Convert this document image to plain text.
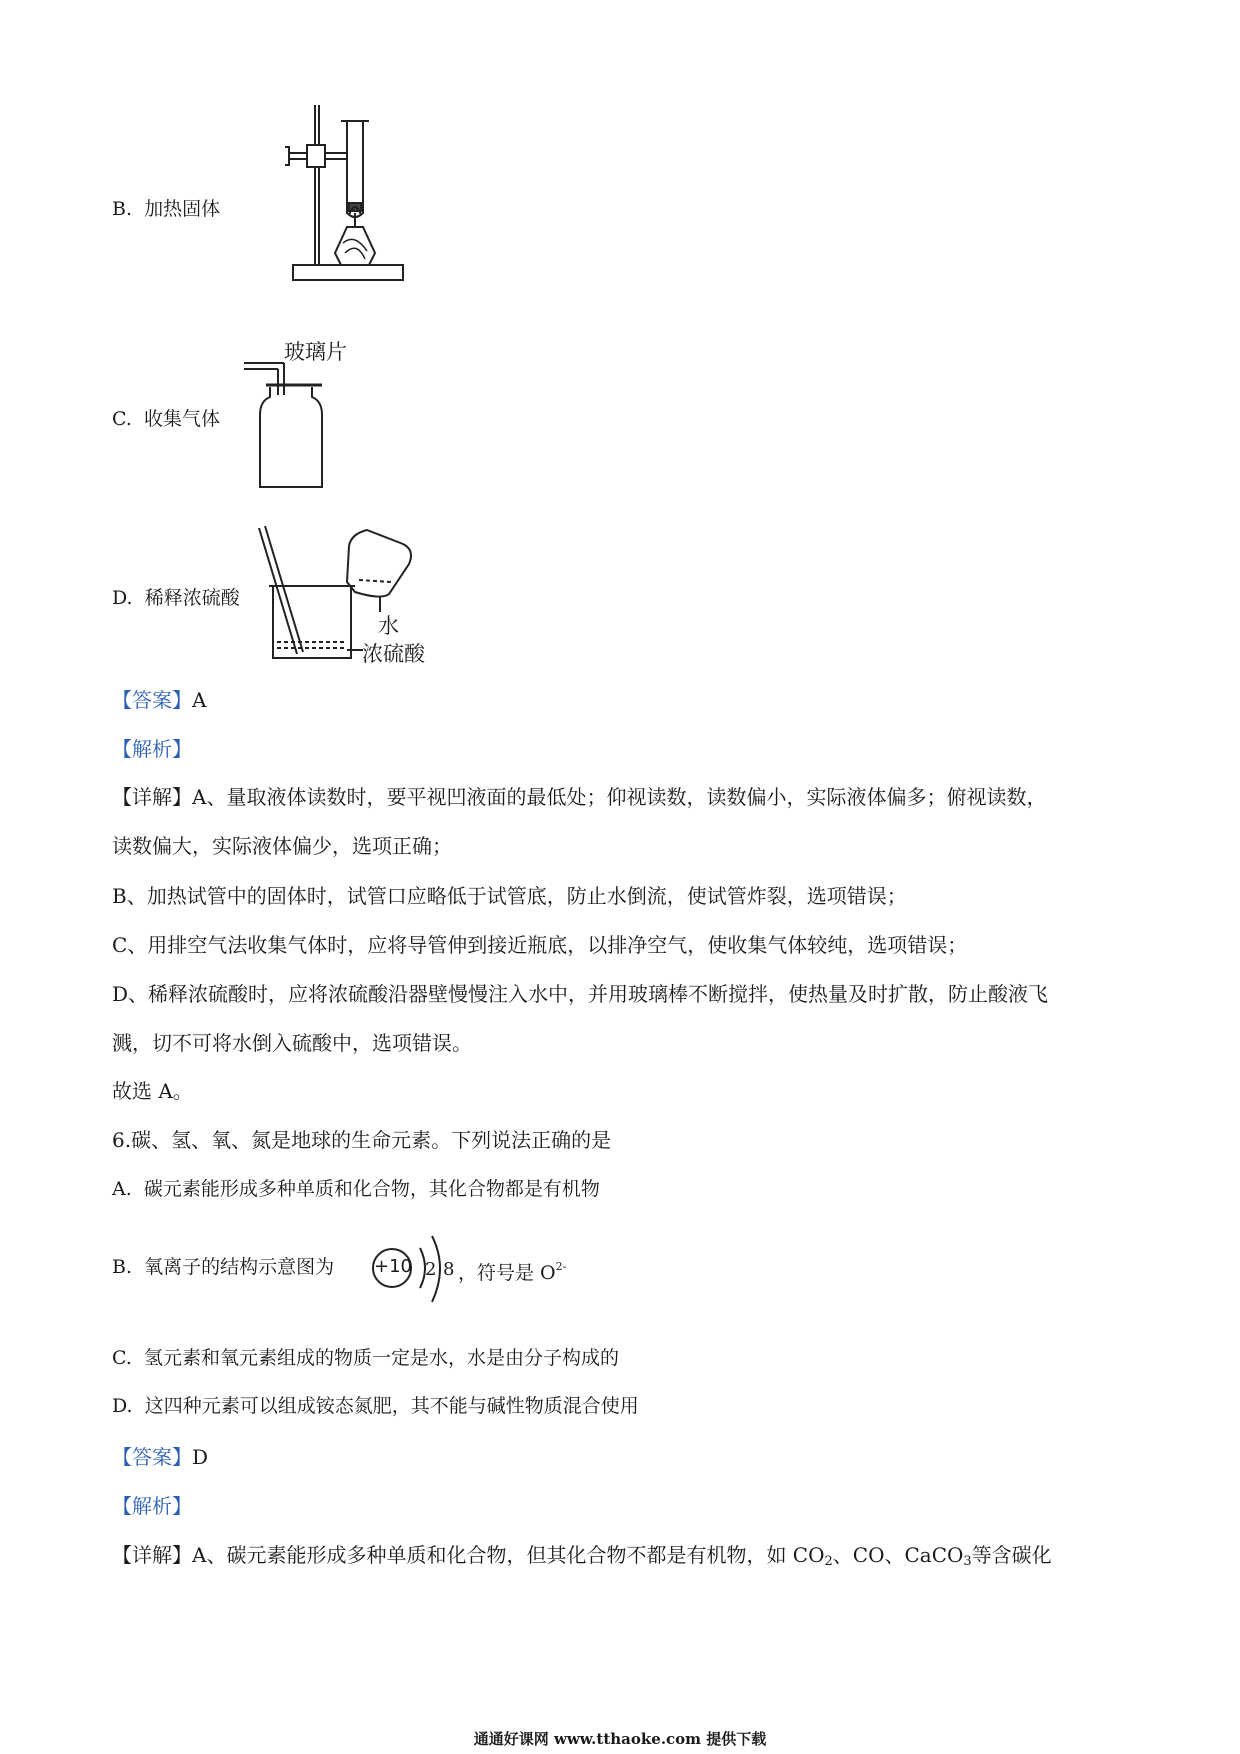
B. 加热固体
C. 收集气体
玻璃片
D. 稀释浓硫酸
水
浓硫酸
【答案】A
【解析】
【详解】A、量取液体读数时，要平视凹液面的最低处；仰视读数，读数偏小，实际液体偏多；俯视读数，
读数偏大，实际液体偏少，选项正确；
B、加热试管中的固体时，试管口应略低于试管底，防止水倒流，使试管炸裂，选项错误；
C、用排空气法收集气体时，应将导管伸到接近瓶底，以排净空气，使收集气体较纯，选项错误；
D、稀释浓硫酸时，应将浓硫酸沿器壁慢慢注入水中，并用玻璃棒不断搅拌，使热量及时扩散，防止酸液飞
溅，切不可将水倒入硫酸中，选项错误。
故选 A。
6.碳、氢、氧、氮是地球的生命元素。下列说法正确的是
A. 碳元素能形成多种单质和化合物，其化合物都是有机物
B. 氧离子的结构示意图为 +10 2 8 ，符号是 $O^{2-}$
C. 氢元素和氧元素组成的物质一定是水，水是由分子构成的
D. 这四种元素可以组成铵态氮肥，其不能与碱性物质混合使用
【答案】D
【解析】
【详解】A、碳元素能形成多种单质和化合物，但其化合物不都是有机物，如 $CO_2$、CO、CaCO$_3$等含碳化
通通好课网 www.tthaoke.com 提供下载
